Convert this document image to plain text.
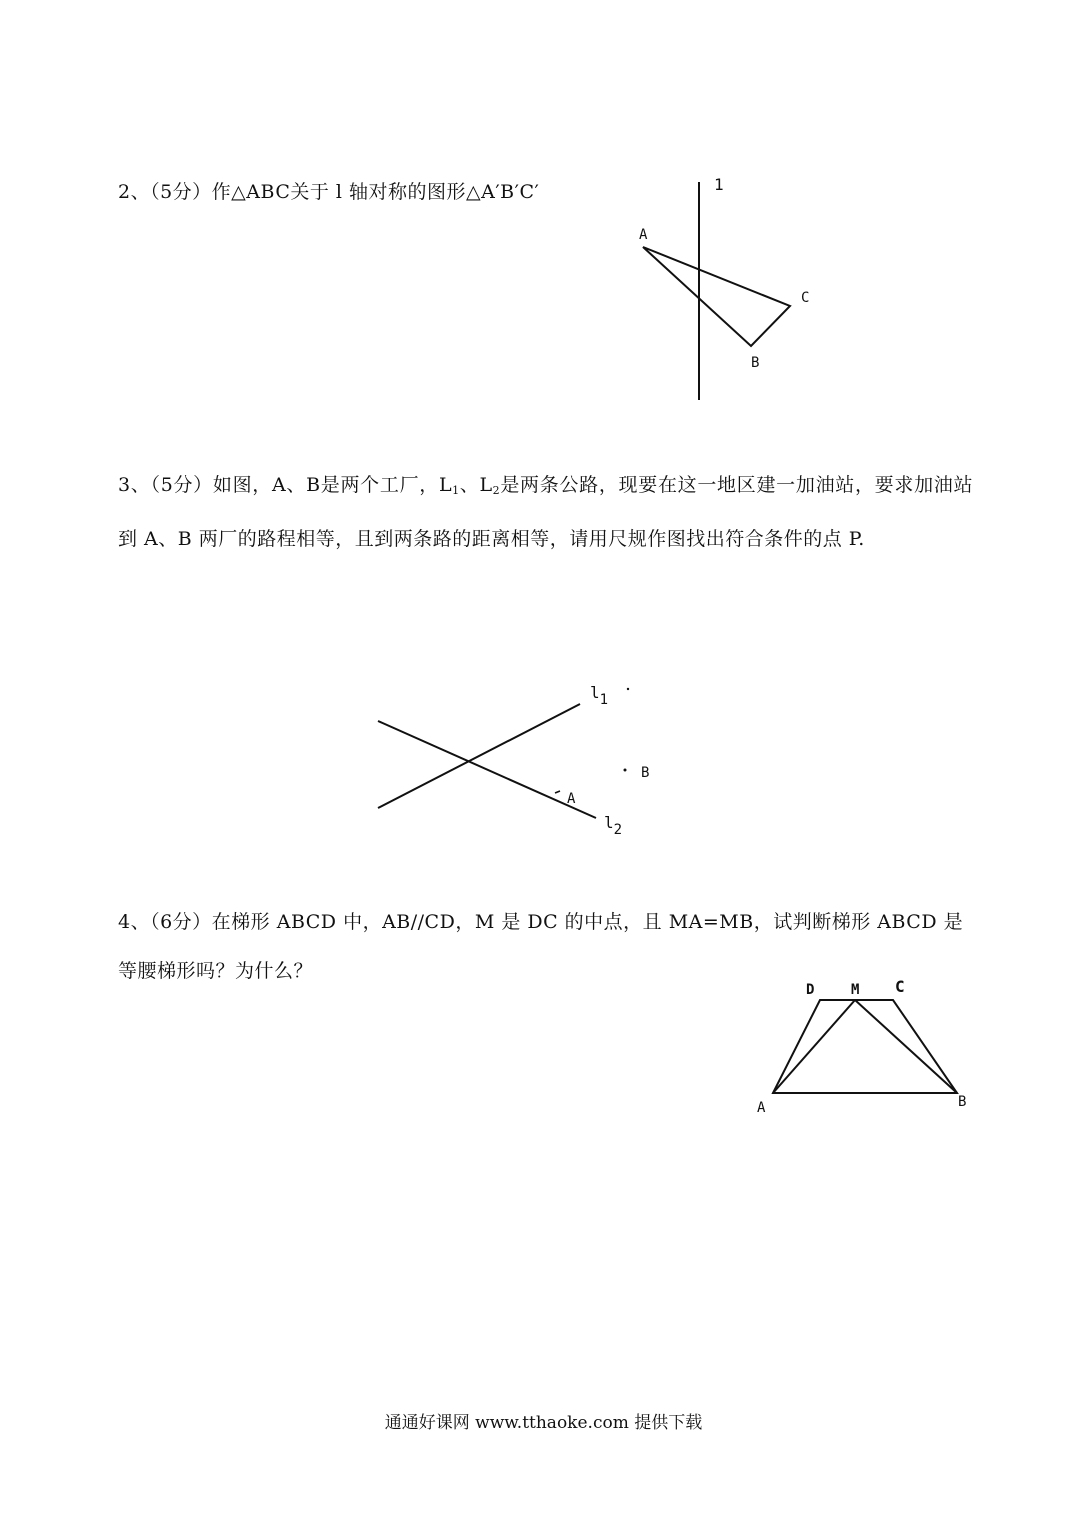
2、（5分）作△ABC关于 l 轴对称的图形△A′B′C′
3、（5分）如图，A、B是两个工厂，$L_1$、$L_2$是两条公路，现要在这一地区建一加油站，要求加油站到 A、B 两厂的路程相等，且到两条路的距离相等，请用尺规作图找出符合条件的点 P.
4、（6分）在梯形 ABCD 中，AB//CD，M 是 DC 的中点，且 MA=MB，试判断梯形 ABCD 是等腰梯形吗？为什么？
1
A
C
B
l1
l2
B
A
D	M C
A	B
通通好课网 www.tthaoke.com 提供下载
